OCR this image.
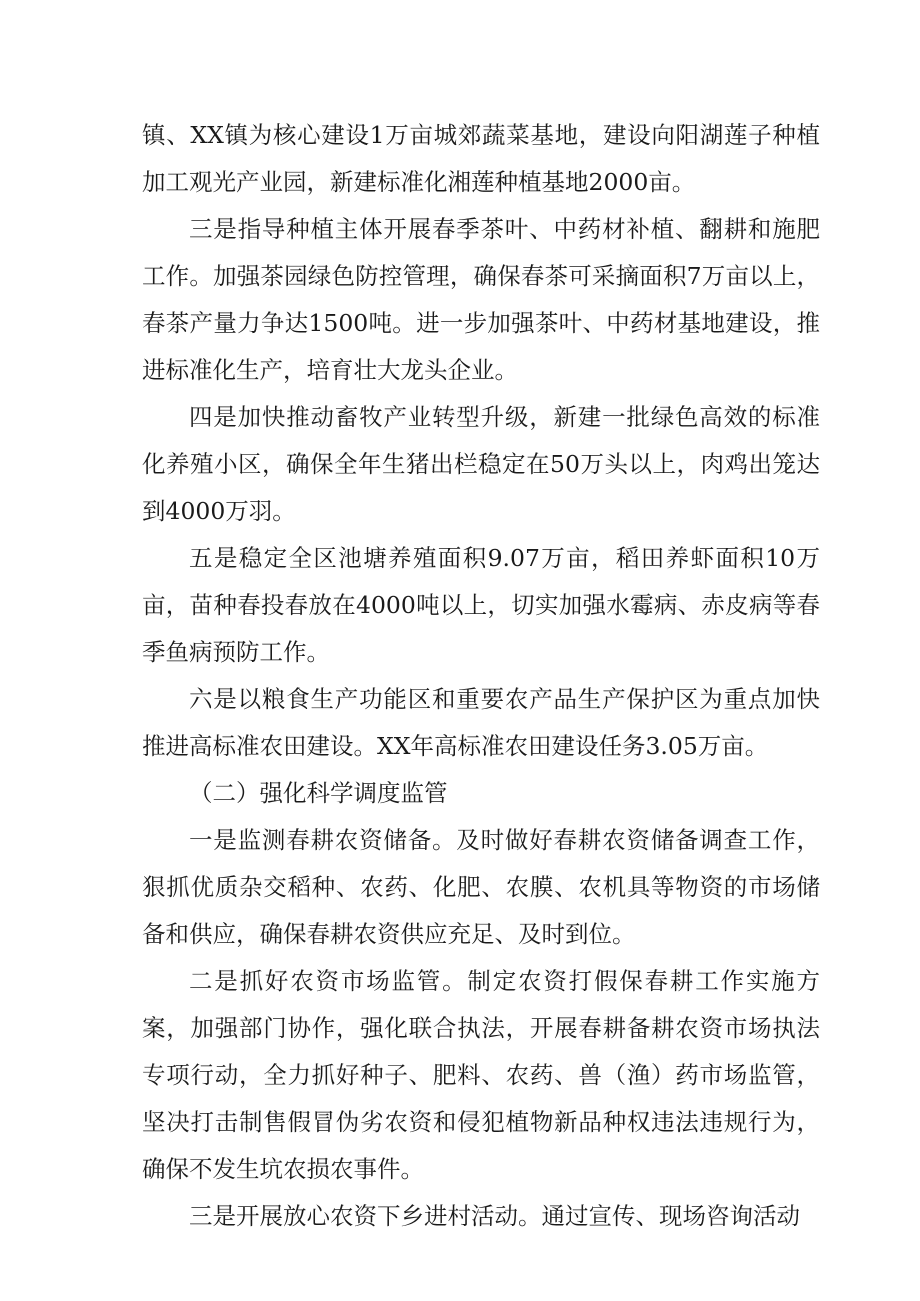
镇、XX镇为核心建设1万亩城郊蔬菜基地，建设向阳湖莲子种植加工观光产业园，新建标准化湘莲种植基地2000亩。

三是指导种植主体开展春季茶叶、中药材补植、翻耕和施肥工作。加强茶园绿色防控管理，确保春茶可采摘面积7万亩以上，春茶产量力争达1500吨。进一步加强茶叶、中药材基地建设，推进标准化生产，培育壮大龙头企业。

四是加快推动畜牧产业转型升级，新建一批绿色高效的标准化养殖小区，确保全年生猪出栏稳定在50万头以上，肉鸡出笼达到4000万羽。

五是稳定全区池塘养殖面积9.07万亩，稻田养虾面积10万亩，苗种春投春放在4000吨以上，切实加强水霉病、赤皮病等春季鱼病预防工作。

六是以粮食生产功能区和重要农产品生产保护区为重点加快推进高标准农田建设。XX年高标准农田建设任务3.05万亩。

（二）强化科学调度监管

一是监测春耕农资储备。及时做好春耕农资储备调查工作，狠抓优质杂交稻种、农药、化肥、农膜、农机具等物资的市场储备和供应，确保春耕农资供应充足、及时到位。

二是抓好农资市场监管。制定农资打假保春耕工作实施方案，加强部门协作，强化联合执法，开展春耕备耕农资市场执法专项行动，全力抓好种子、肥料、农药、兽（渔）药市场监管，坚决打击制售假冒伪劣农资和侵犯植物新品种权违法违规行为，确保不发生坑农损农事件。

三是开展放心农资下乡进村活动。通过宣传、现场咨询活动
